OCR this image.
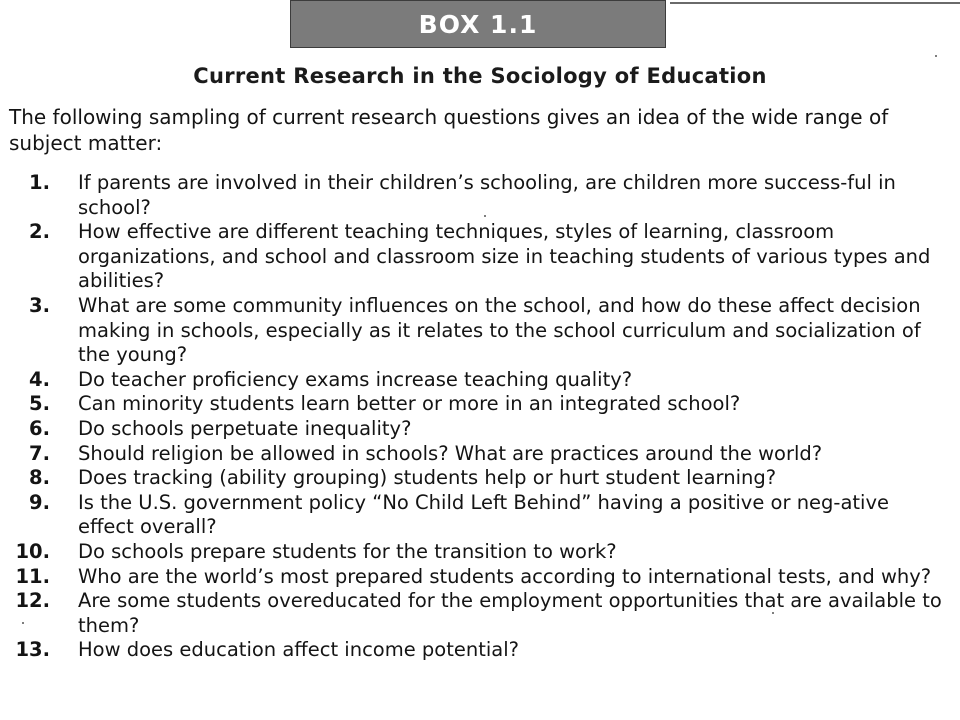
BOX 1.1
Current Research in the Sociology of Education

The following sampling of current research questions gives an idea of the wide range of subject matter:

1. If parents are involved in their children’s schooling, are children more success-ful in school?
2. How effective are different teaching techniques, styles of learning, classroom organizations, and school and classroom size in teaching students of various types and abilities?
3. What are some community influences on the school, and how do these affect decision making in schools, especially as it relates to the school curriculum and socialization of the young?
4. Do teacher proficiency exams increase teaching quality?
5. Can minority students learn better or more in an integrated school?
6. Do schools perpetuate inequality?
7. Should religion be allowed in schools? What are practices around the world?
8. Does tracking (ability grouping) students help or hurt student learning?
9. Is the U.S. government policy “No Child Left Behind” having a positive or neg-ative effect overall?
10. Do schools prepare students for the transition to work?
11. Who are the world’s most prepared students according to international tests, and why?
12. Are some students overeducated for the employment opportunities that are available to them?
13. How does education affect income potential?
